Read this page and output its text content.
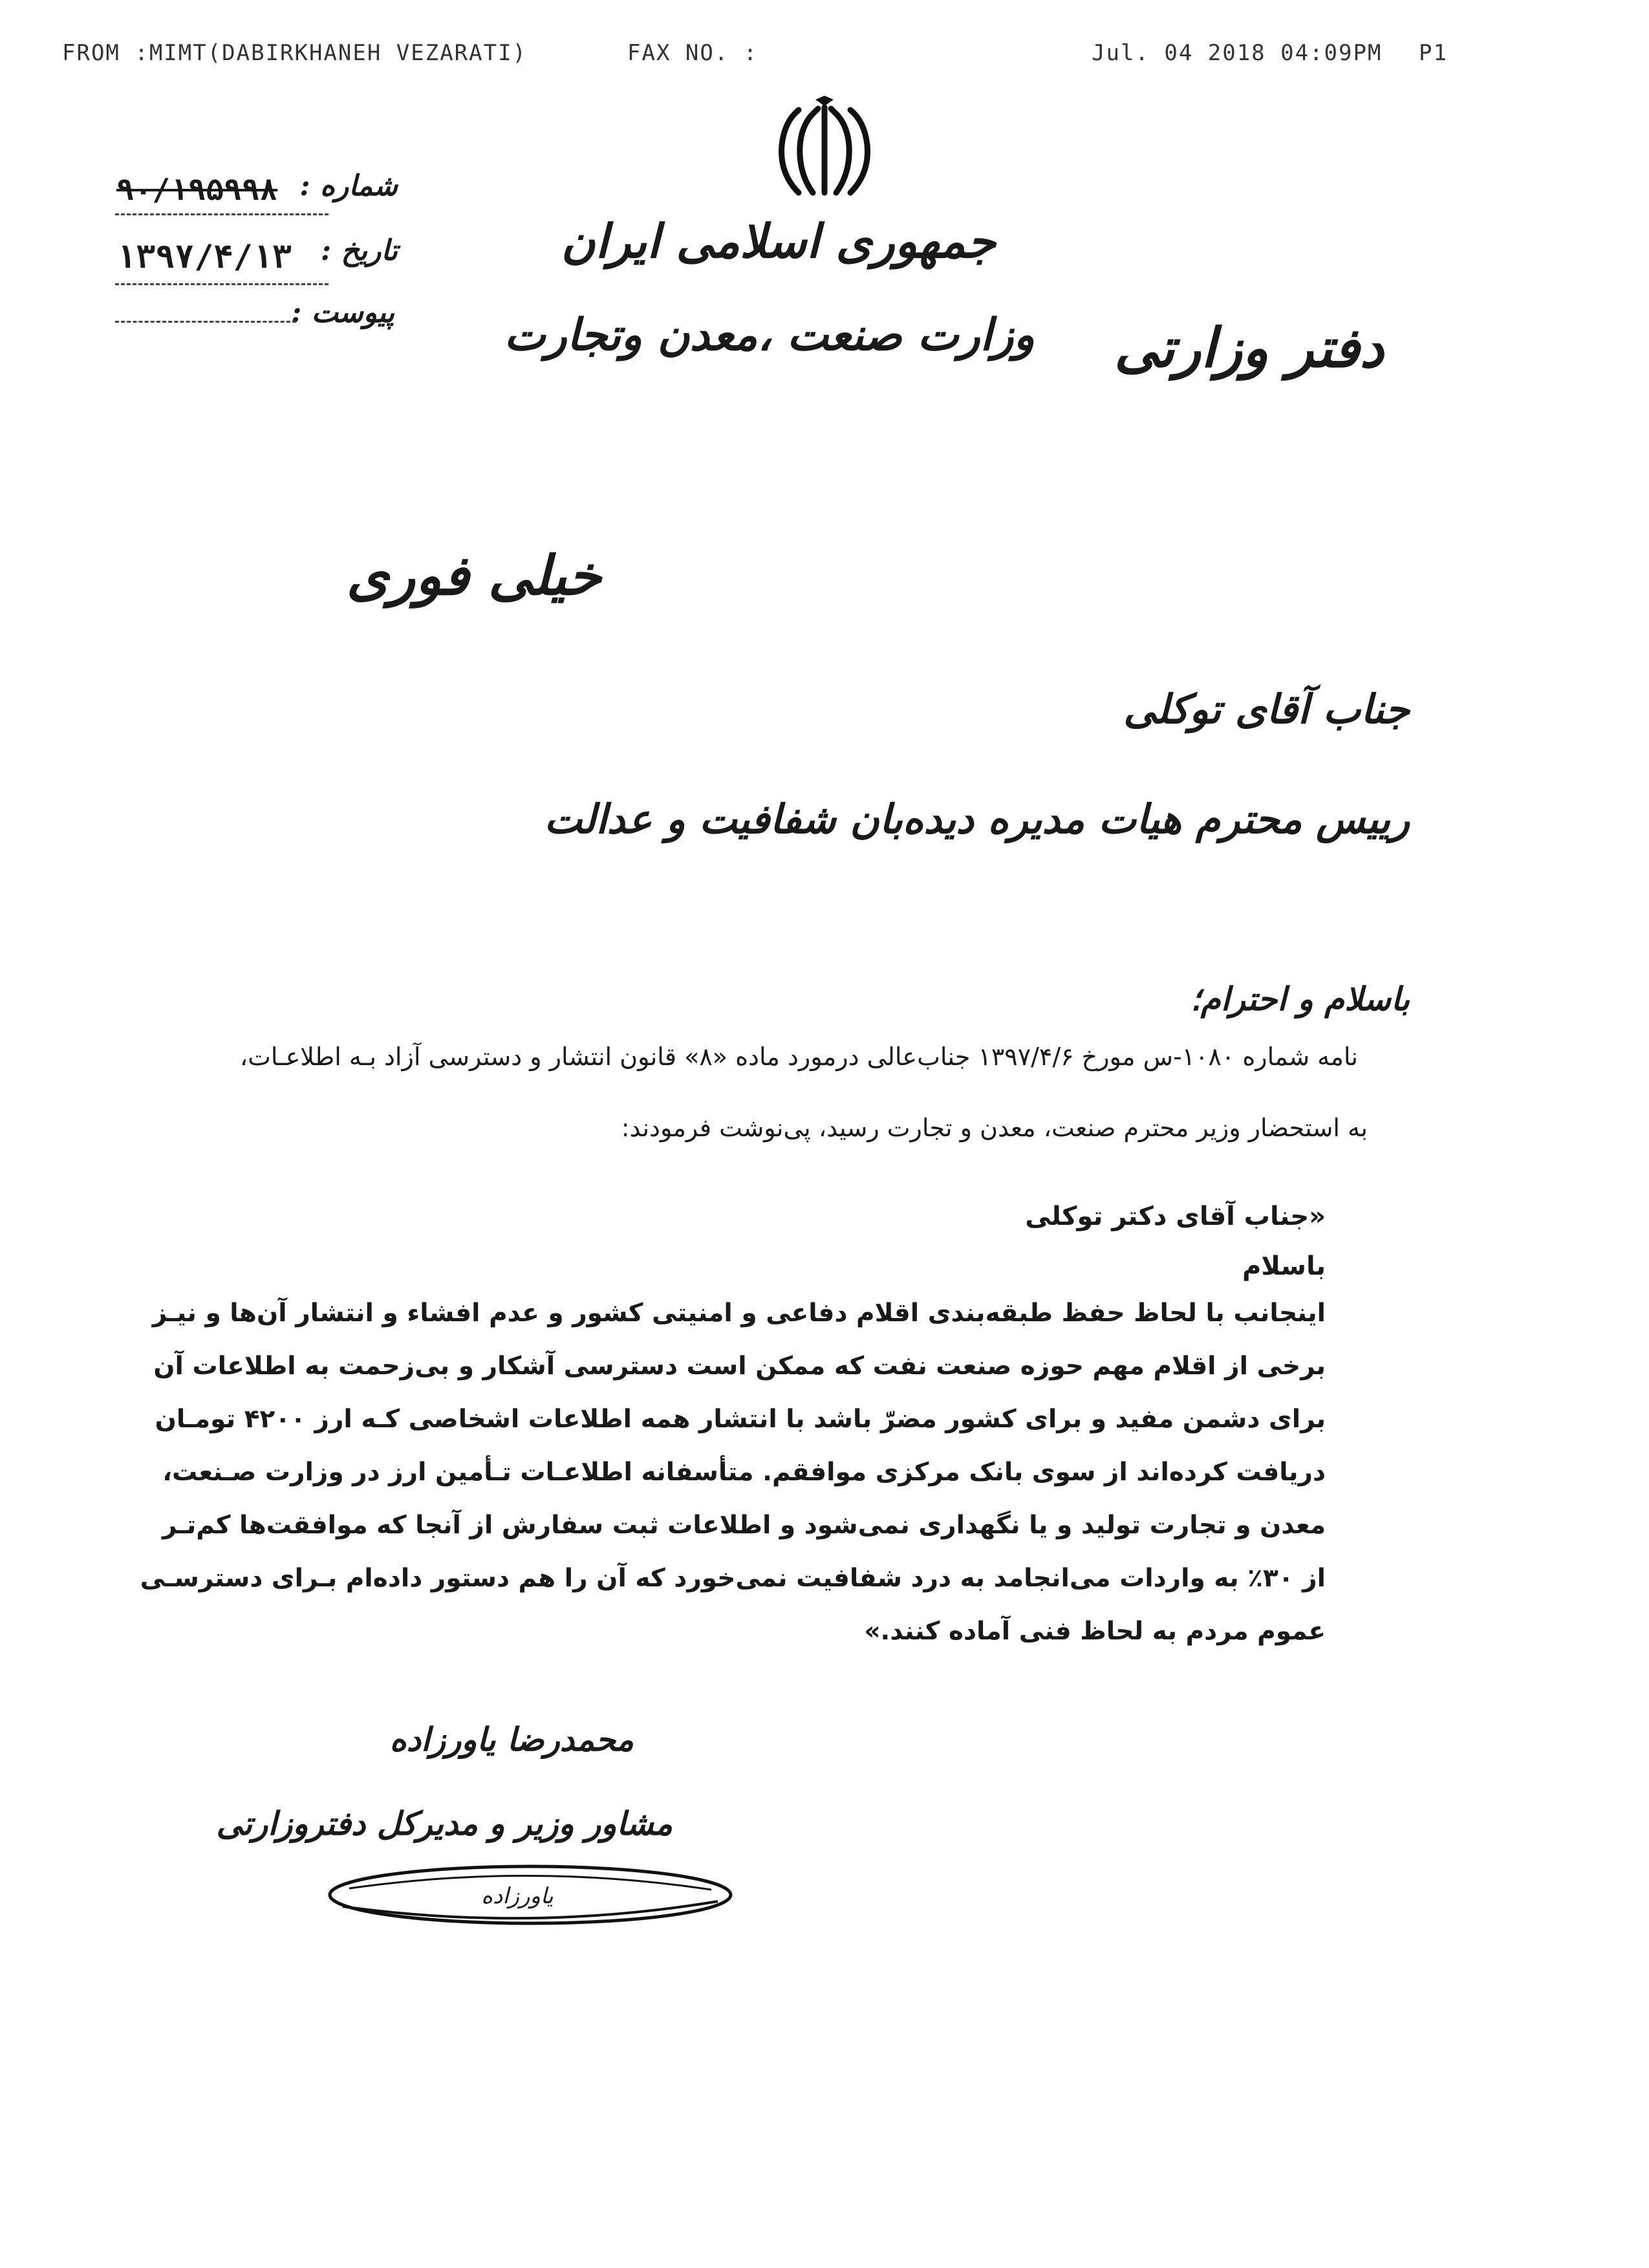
FROM :MIMT(DABIRKHANEH VEZARATI)	FAX NO. :	Jul. 04 2018 04:09PM P1
جمهوری اسلامی ایران
وزارت صنعت ،معدن وتجارت دفتر وزارتی
شماره :
۹۰/۱۹۵۹۹۸
تاریخ :
۱۳۹۷/۴/۱۳
پیوست :
خیلی فوری
جناب آقای توکلی
رییس محترم هیات مدیره دیده‌بان شفافیت و عدالت
باسلام و احترام؛
نامه شماره ۱۰۸۰-س مورخ ۱۳۹۷/۴/۶ جناب‌عالی درمورد ماده «۸» قانون انتشار و دسترسی آزاد بـه اطلاعـات،
به استحضار وزیر محترم صنعت، معدن و تجارت رسید، پی‌نوشت فرمودند:
«جناب آقای دکتر توکلی
باسلام
اینجانب با لحاظ حفظ طبقه‌بندی اقلام دفاعی و امنیتی کشور و عدم افشاء و انتشار آن‌ها و نیـز
برخی از اقلام مهم حوزه صنعت نفت که ممکن است دسترسی آشکار و بی‌زحمت به اطلاعات آن
برای دشمن مفید و برای کشور مضرّ باشد با انتشار همه اطلاعات اشخاصی کـه ارز ۴۲۰۰ تومـان
دریافت کرده‌اند از سوی بانک مرکزی موافقم. متأسفانه اطلاعـات تـأمین ارز در وزارت صـنعت،
معدن و تجارت تولید و یا نگهداری نمی‌شود و اطلاعات ثبت سفارش از آنجا که موافقت‌ها کم‌تـر
از ۳۰٪ به واردات می‌انجامد به درد شفافیت نمی‌خورد که آن را هم دستور داده‌ام بـرای دسترسـی
عموم مردم به لحاظ فنی آماده کنند.»
محمدرضا یاورزاده
مشاور وزیر و مدیرکل دفتروزارتی
یاورزاده
